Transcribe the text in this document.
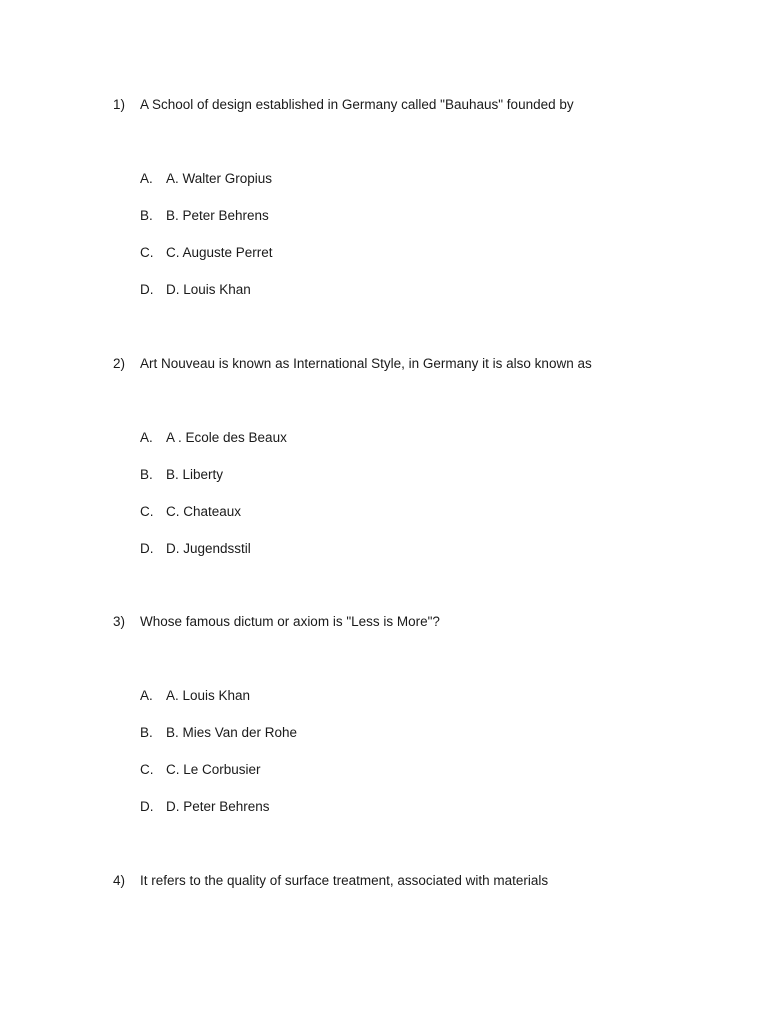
1) A School of design established in Germany called "Bauhaus" founded by
A. A. Walter Gropius
B. B. Peter Behrens
C. C. Auguste Perret
D. D. Louis Khan
2) Art Nouveau is known as International Style, in Germany it is also known as
A. A . Ecole des Beaux
B. B. Liberty
C. C. Chateaux
D. D. Jugendsstil
3) Whose famous dictum or axiom is "Less is More"?
A. A. Louis Khan
B. B. Mies Van der Rohe
C. C. Le Corbusier
D. D. Peter Behrens
4) It refers to the quality of surface treatment, associated with materials
